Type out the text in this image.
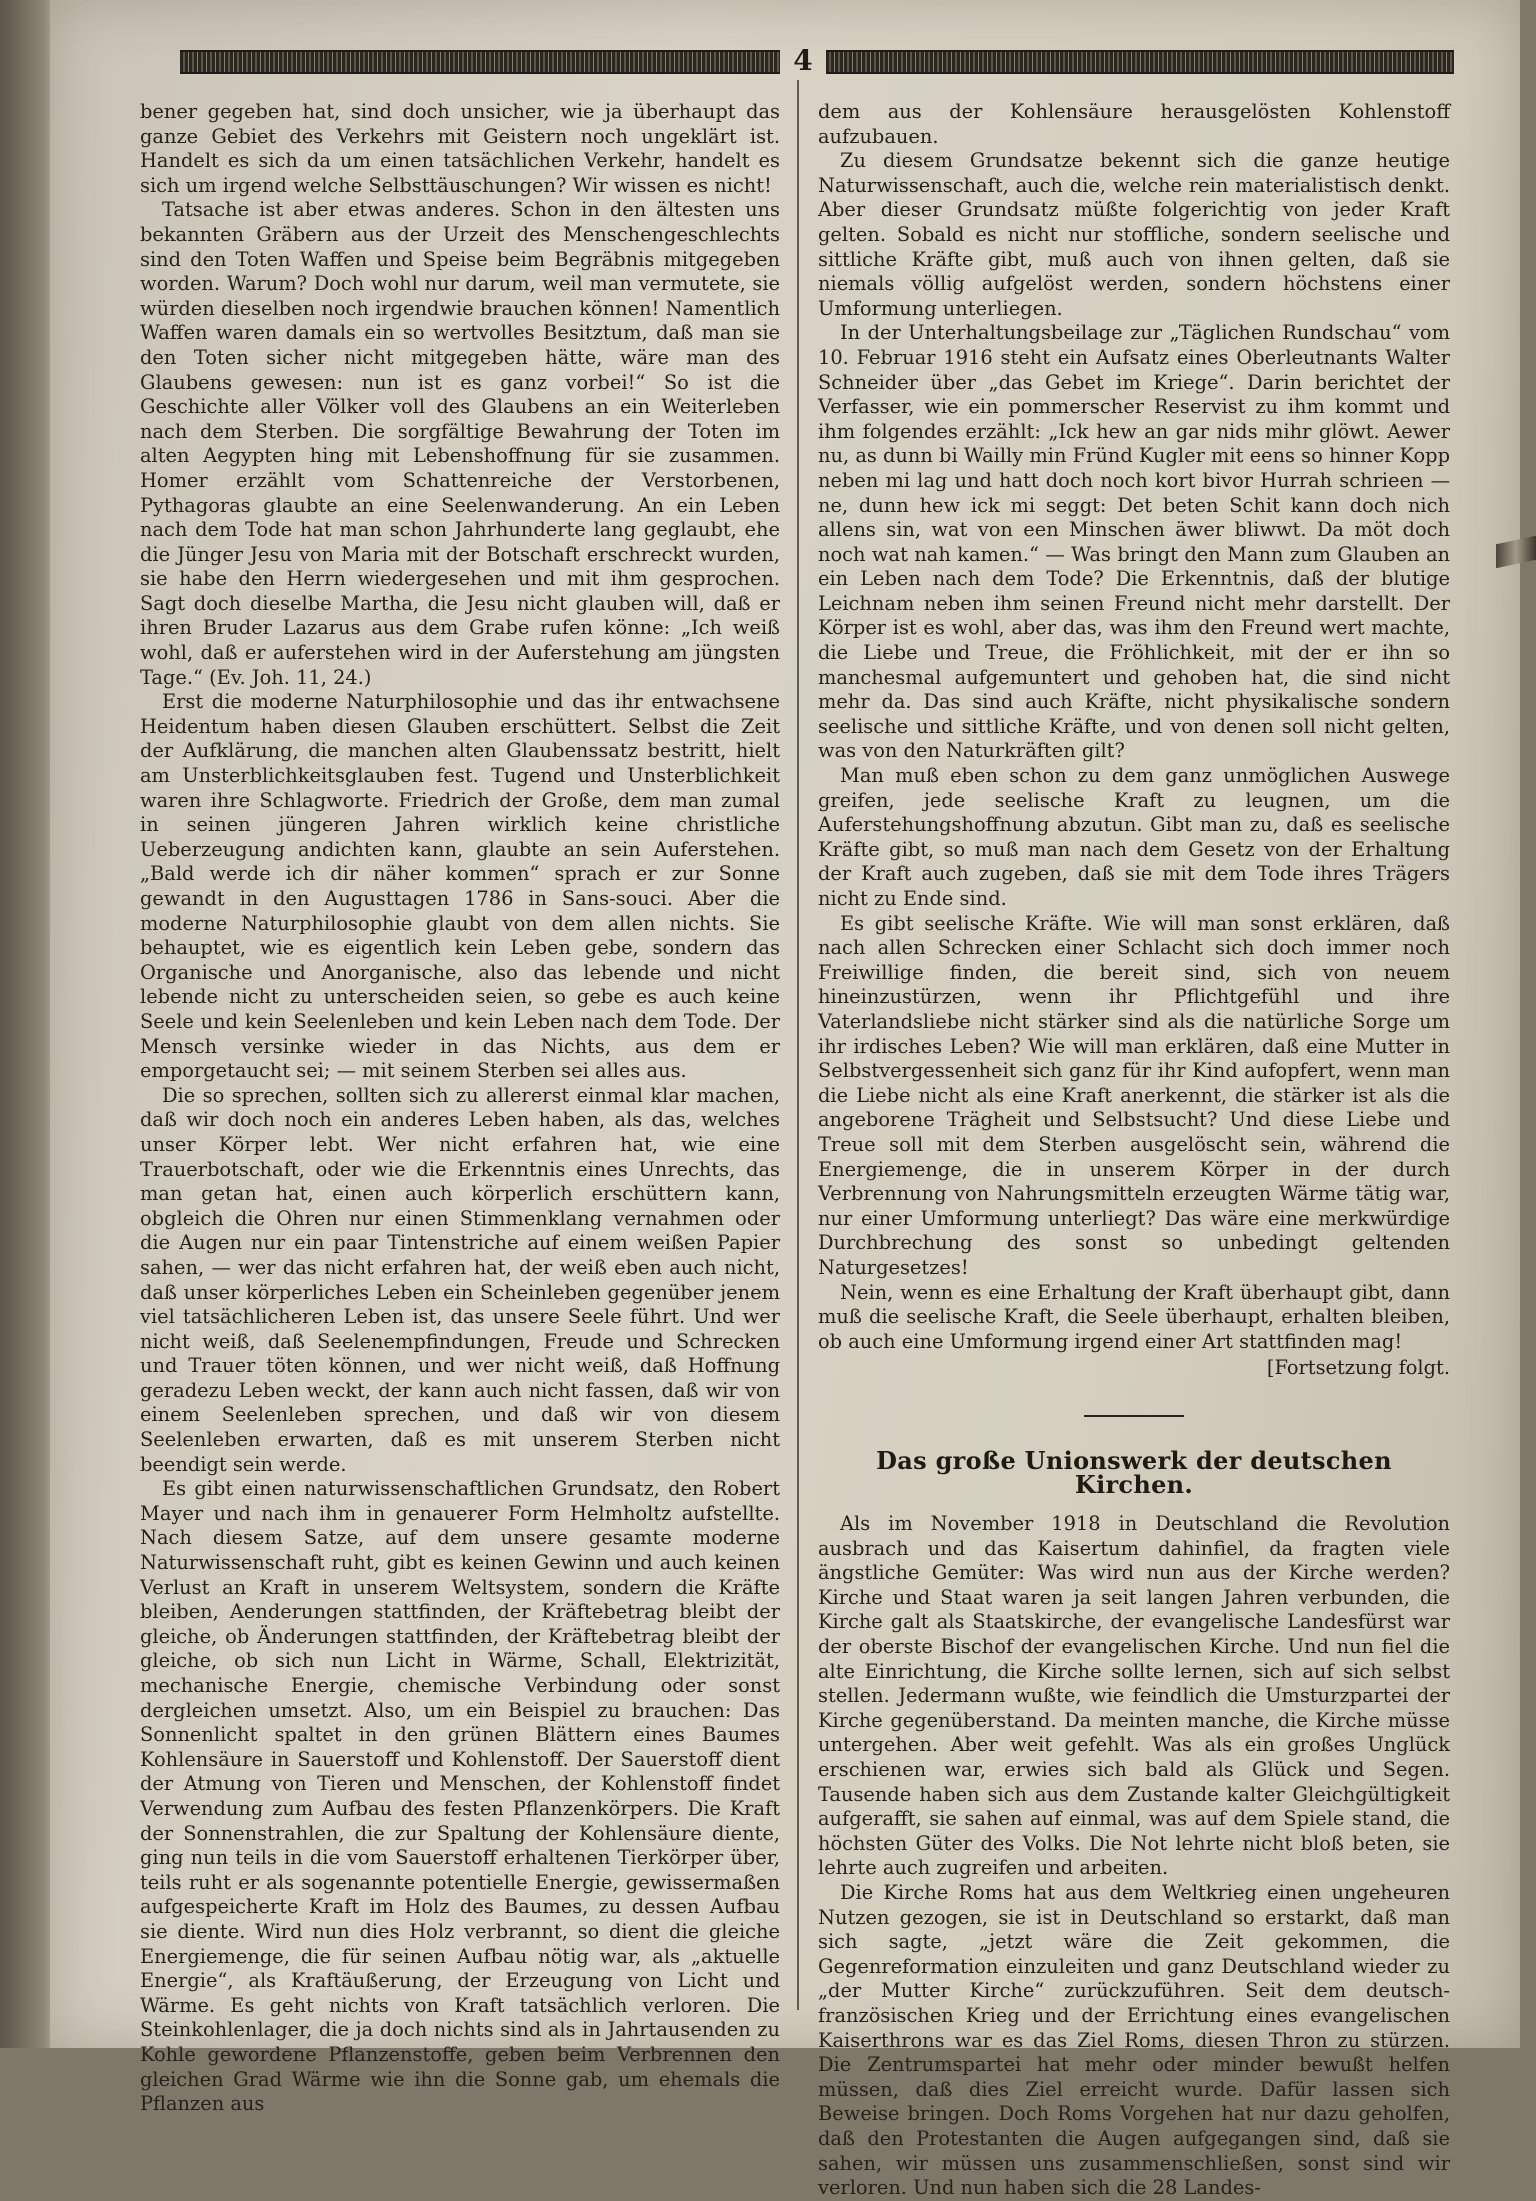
4

bener gegeben hat, sind doch unsicher, wie ja überhaupt das ganze Gebiet des Verkehrs mit Geistern noch ungeklärt ist. Handelt es sich da um einen tatsächlichen Verkehr, handelt es sich um irgend welche Selbsttäuschungen? Wir wissen es nicht!

Tatsache ist aber etwas anderes. Schon in den ältesten uns bekannten Gräbern aus der Urzeit des Menschengeschlechts sind den Toten Waffen und Speise beim Begräbnis mitgegeben worden. Warum? Doch wohl nur darum, weil man vermutete, sie würden dieselben noch irgendwie brauchen können! Namentlich Waffen waren damals ein so wertvolles Besitztum, daß man sie den Toten sicher nicht mitgegeben hätte, wäre man des Glaubens gewesen: nun ist es ganz vorbei!“ So ist die Geschichte aller Völker voll des Glaubens an ein Weiterleben nach dem Sterben. Die sorgfältige Bewahrung der Toten im alten Aegypten hing mit Lebenshoffnung für sie zusammen. Homer erzählt vom Schattenreiche der Verstorbenen, Pythagoras glaubte an eine Seelenwanderung. An ein Leben nach dem Tode hat man schon Jahrhunderte lang geglaubt, ehe die Jünger Jesu von Maria mit der Botschaft erschreckt wurden, sie habe den Herrn wiedergesehen und mit ihm gesprochen. Sagt doch dieselbe Martha, die Jesu nicht glauben will, daß er ihren Bruder Lazarus aus dem Grabe rufen könne: „Ich weiß wohl, daß er auferstehen wird in der Auferstehung am jüngsten Tage.“ (Ev. Joh. 11, 24.)

Erst die moderne Naturphilosophie und das ihr entwachsene Heidentum haben diesen Glauben erschüttert. Selbst die Zeit der Aufklärung, die manchen alten Glaubenssatz bestritt, hielt am Unsterblichkeitsglauben fest. Tugend und Unsterblichkeit waren ihre Schlagworte. Friedrich der Große, dem man zumal in seinen jüngeren Jahren wirklich keine christliche Ueberzeugung andichten kann, glaubte an sein Auferstehen. „Bald werde ich dir näher kommen“ sprach er zur Sonne gewandt in den Augusttagen 1786 in Sans-souci. Aber die moderne Naturphilosophie glaubt von dem allen nichts. Sie behauptet, wie es eigentlich kein Leben gebe, sondern das Organische und Anorganische, also das lebende und nicht lebende nicht zu unterscheiden seien, so gebe es auch keine Seele und kein Seelenleben und kein Leben nach dem Tode. Der Mensch versinke wieder in das Nichts, aus dem er emporgetaucht sei; — mit seinem Sterben sei alles aus.

Die so sprechen, sollten sich zu allererst einmal klar machen, daß wir doch noch ein anderes Leben haben, als das, welches unser Körper lebt. Wer nicht erfahren hat, wie eine Trauerbotschaft, oder wie die Erkenntnis eines Unrechts, das man getan hat, einen auch körperlich erschüttern kann, obgleich die Ohren nur einen Stimmenklang vernahmen oder die Augen nur ein paar Tintenstriche auf einem weißen Papier sahen, — wer das nicht erfahren hat, der weiß eben auch nicht, daß unser körperliches Leben ein Scheinleben gegenüber jenem viel tatsächlicheren Leben ist, das unsere Seele führt. Und wer nicht weiß, daß Seelenempfindungen, Freude und Schrecken und Trauer töten können, und wer nicht weiß, daß Hoffnung geradezu Leben weckt, der kann auch nicht fassen, daß wir von einem Seelenleben sprechen, und daß wir von diesem Seelenleben erwarten, daß es mit unserem Sterben nicht beendigt sein werde.

Es gibt einen naturwissenschaftlichen Grundsatz, den Robert Mayer und nach ihm in genauerer Form Helmholtz aufstellte. Nach diesem Satze, auf dem unsere gesamte moderne Naturwissenschaft ruht, gibt es keinen Gewinn und auch keinen Verlust an Kraft in unserem Weltsystem, sondern die Kräfte bleiben, Aenderungen stattfinden, der Kräftebetrag bleibt der gleiche, ob Änderungen stattfinden, der Kräftebetrag bleibt der gleiche, ob sich nun Licht in Wärme, Schall, Elektrizität, mechanische Energie, chemische Verbindung oder sonst dergleichen umsetzt. Also, um ein Beispiel zu brauchen: Das Sonnenlicht spaltet in den grünen Blättern eines Baumes Kohlensäure in Sauerstoff und Kohlenstoff. Der Sauerstoff dient der Atmung von Tieren und Menschen, der Kohlenstoff findet Verwendung zum Aufbau des festen Pflanzenkörpers. Die Kraft der Sonnenstrahlen, die zur Spaltung der Kohlensäure diente, ging nun teils in die vom Sauerstoff erhaltenen Tierkörper über, teils ruht er als sogenannte potentielle Energie, gewissermaßen aufgespeicherte Kraft im Holz des Baumes, zu dessen Aufbau sie diente. Wird nun dies Holz verbrannt, so dient die gleiche Energiemenge, die für seinen Aufbau nötig war, als „aktuelle Energie“, als Kraftäußerung, der Erzeugung von Licht und Wärme. Es geht nichts von Kraft tatsächlich verloren. Die Steinkohlenlager, die ja doch nichts sind als in Jahrtausenden zu Kohle gewordene Pflanzenstoffe, geben beim Verbrennen den gleichen Grad Wärme wie ihn die Sonne gab, um ehemals die Pflanzen aus

dem aus der Kohlensäure herausgelösten Kohlenstoff aufzubauen.

Zu diesem Grundsatze bekennt sich die ganze heutige Naturwissenschaft, auch die, welche rein materialistisch denkt. Aber dieser Grundsatz müßte folgerichtig von jeder Kraft gelten. Sobald es nicht nur stoffliche, sondern seelische und sittliche Kräfte gibt, muß auch von ihnen gelten, daß sie niemals völlig aufgelöst werden, sondern höchstens einer Umformung unterliegen.

In der Unterhaltungsbeilage zur „Täglichen Rundschau“ vom 10. Februar 1916 steht ein Aufsatz eines Oberleutnants Walter Schneider über „das Gebet im Kriege“. Darin berichtet der Verfasser, wie ein pommerscher Reservist zu ihm kommt und ihm folgendes erzählt: „Ick hew an gar nids mihr glöwt. Aewer nu, as dunn bi Wailly min Fründ Kugler mit eens so hinner Kopp neben mi lag und hatt doch noch kort bivor Hurrah schrieen — ne, dunn hew ick mi seggt: Det beten Schit kann doch nich allens sin, wat von een Minschen äwer bliwwt. Da möt doch noch wat nah kamen.“ — Was bringt den Mann zum Glauben an ein Leben nach dem Tode? Die Erkenntnis, daß der blutige Leichnam neben ihm seinen Freund nicht mehr darstellt. Der Körper ist es wohl, aber das, was ihm den Freund wert machte, die Liebe und Treue, die Fröhlichkeit, mit der er ihn so manchesmal aufgemuntert und gehoben hat, die sind nicht mehr da. Das sind auch Kräfte, nicht physikalische sondern seelische und sittliche Kräfte, und von denen soll nicht gelten, was von den Naturkräften gilt?

Man muß eben schon zu dem ganz unmöglichen Auswege greifen, jede seelische Kraft zu leugnen, um die Auferstehungshoffnung abzutun. Gibt man zu, daß es seelische Kräfte gibt, so muß man nach dem Gesetz von der Erhaltung der Kraft auch zugeben, daß sie mit dem Tode ihres Trägers nicht zu Ende sind.

Es gibt seelische Kräfte. Wie will man sonst erklären, daß nach allen Schrecken einer Schlacht sich doch immer noch Freiwillige finden, die bereit sind, sich von neuem hineinzustürzen, wenn ihr Pflichtgefühl und ihre Vaterlandsliebe nicht stärker sind als die natürliche Sorge um ihr irdisches Leben? Wie will man erklären, daß eine Mutter in Selbstvergessenheit sich ganz für ihr Kind aufopfert, wenn man die Liebe nicht als eine Kraft anerkennt, die stärker ist als die angeborene Trägheit und Selbstsucht? Und diese Liebe und Treue soll mit dem Sterben ausgelöscht sein, während die Energiemenge, die in unserem Körper in der durch Verbrennung von Nahrungsmitteln erzeugten Wärme tätig war, nur einer Umformung unterliegt? Das wäre eine merkwürdige Durchbrechung des sonst so unbedingt geltenden Naturgesetzes!

Nein, wenn es eine Erhaltung der Kraft überhaupt gibt, dann muß die seelische Kraft, die Seele überhaupt, erhalten bleiben, ob auch eine Umformung irgend einer Art stattfinden mag!

[Fortsetzung folgt.

Das große Unionswerk der deutschen Kirchen.

Als im November 1918 in Deutschland die Revolution ausbrach und das Kaisertum dahinfiel, da fragten viele ängstliche Gemüter: Was wird nun aus der Kirche werden? Kirche und Staat waren ja seit langen Jahren verbunden, die Kirche galt als Staatskirche, der evangelische Landesfürst war der oberste Bischof der evangelischen Kirche. Und nun fiel die alte Einrichtung, die Kirche sollte lernen, sich auf sich selbst stellen. Jedermann wußte, wie feindlich die Umsturzpartei der Kirche gegenüberstand. Da meinten manche, die Kirche müsse untergehen. Aber weit gefehlt. Was als ein großes Unglück erschienen war, erwies sich bald als Glück und Segen. Tausende haben sich aus dem Zustande kalter Gleichgültigkeit aufgerafft, sie sahen auf einmal, was auf dem Spiele stand, die höchsten Güter des Volks. Die Not lehrte nicht bloß beten, sie lehrte auch zugreifen und arbeiten.

Die Kirche Roms hat aus dem Weltkrieg einen ungeheuren Nutzen gezogen, sie ist in Deutschland so erstarkt, daß man sich sagte, „jetzt wäre die Zeit gekommen, die Gegenreformation einzuleiten und ganz Deutschland wieder zu „der Mutter Kirche“ zurückzuführen. Seit dem deutsch-französischen Krieg und der Errichtung eines evangelischen Kaiserthrons war es das Ziel Roms, diesen Thron zu stürzen. Die Zentrumspartei hat mehr oder minder bewußt helfen müssen, daß dies Ziel erreicht wurde. Dafür lassen sich Beweise bringen. Doch Roms Vorgehen hat nur dazu geholfen, daß den Protestanten die Augen aufgegangen sind, daß sie sahen, wir müssen uns zusammenschließen, sonst sind wir verloren. Und nun haben sich die 28 Landes-
